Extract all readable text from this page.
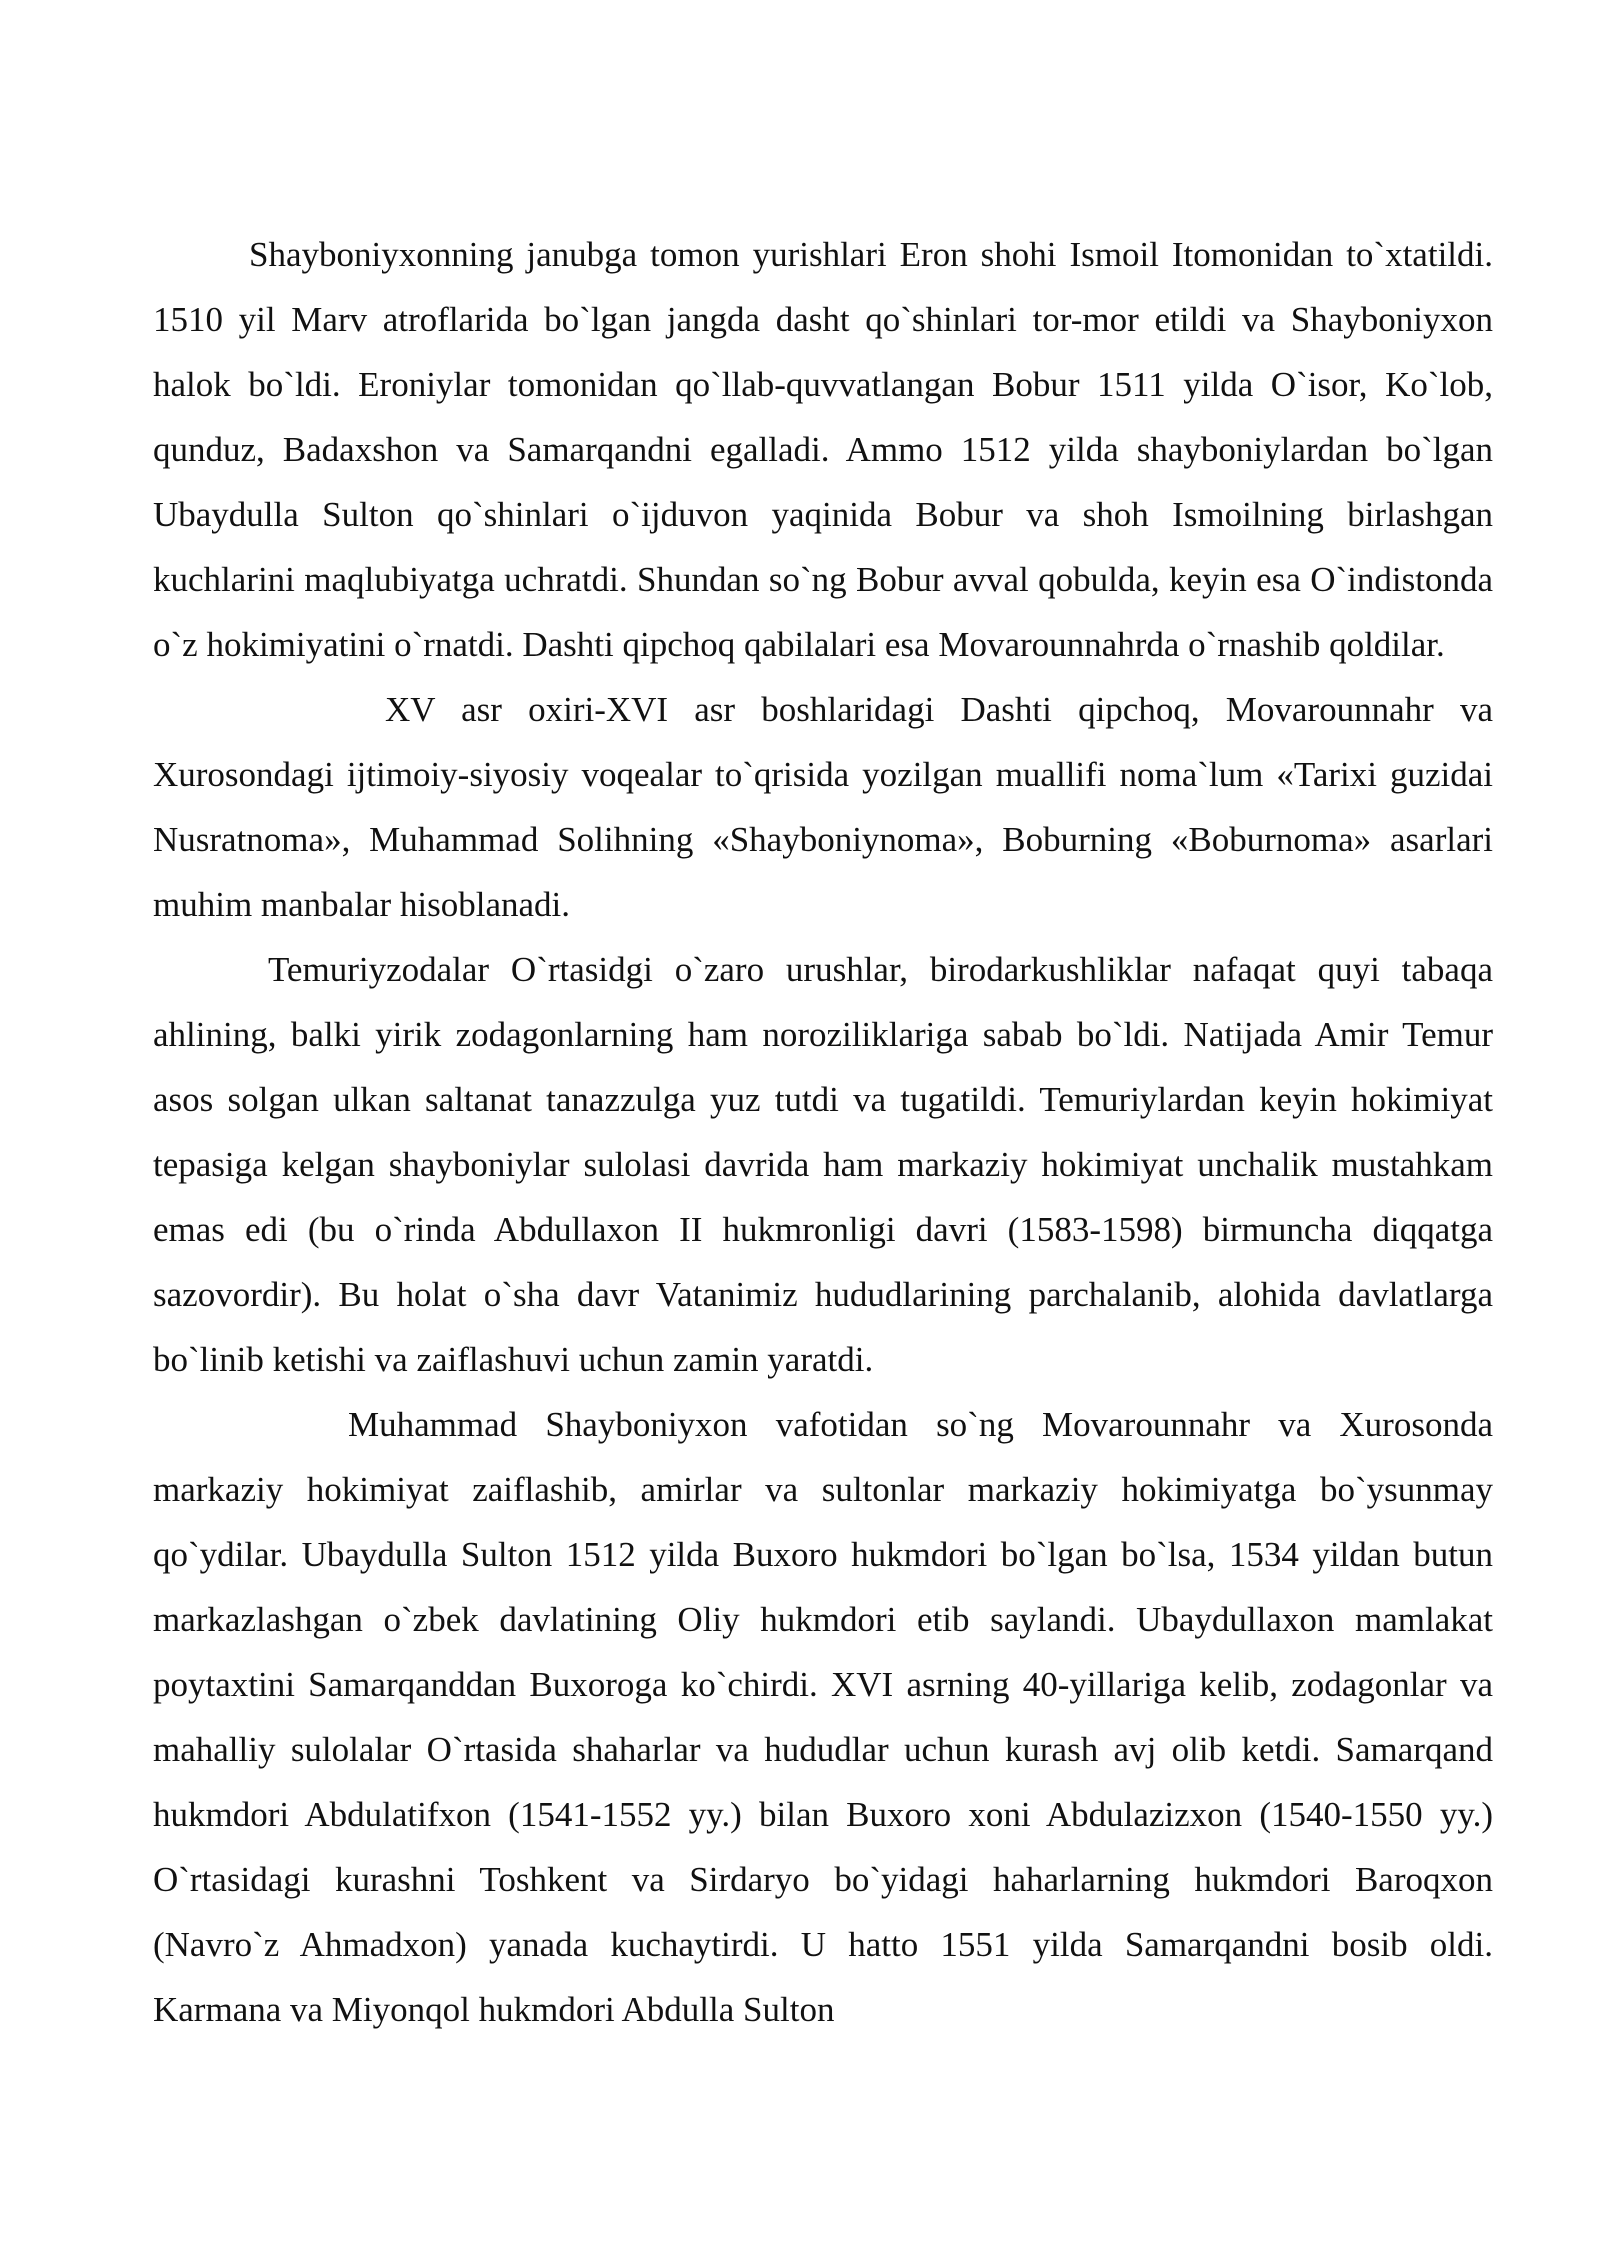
Shayboniyxonning janubga tomon yurishlari Eron shohi Ismoil Itomonidan to`xtatildi. 1510 yil Marv atroflarida bo`lgan jangda dasht qo`shinlari tor-mor etildi va Shayboniyxon halok bo`ldi. Eroniylar tomonidan qo`llab-quvvatlangan Bobur 1511 yilda O`isor, Ko`lob, qunduz, Badaxshon va Samarqandni egalladi. Ammo 1512 yilda shayboniylardan bo`lgan Ubaydulla Sulton qo`shinlari o`ijduvon yaqinida Bobur va shoh Ismoilning birlashgan kuchlarini maqlubiyatga uchratdi. Shundan so`ng Bobur avval qobulda, keyin esa O`indistonda o`z hokimiyatini o`rnatdi. Dashti qipchoq qabilalari esa Movarounnahrda o`rnashib qoldilar.

XV asr oxiri-XVI asr boshlaridagi Dashti qipchoq, Movarounnahr va Xurosondagi ijtimoiy-siyosiy voqealar to`qrisida yozilgan muallifi noma`lum «Tarixi guzidai Nusratnoma», Muhammad Solihning «Shayboniynoma», Boburning «Boburnoma» asarlari muhim manbalar hisoblanadi.

Temuriyzodalar O`rtasidgi o`zaro urushlar, birodarkushliklar nafaqat quyi tabaqa ahlining, balki yirik zodagonlarning ham noroziliklariga sabab bo`ldi. Natijada Amir Temur asos solgan ulkan saltanat tanazzulga yuz tutdi va tugatildi. Temuriylardan keyin hokimiyat tepasiga kelgan shayboniylar sulolasi davrida ham markaziy hokimiyat unchalik mustahkam emas edi (bu o`rinda Abdullaxon II hukmronligi davri (1583-1598) birmuncha diqqatga sazovordir). Bu holat o`sha davr Vatanimiz hududlarining parchalanib, alohida davlatlarga bo`linib ketishi va zaiflashuvi uchun zamin yaratdi.

Muhammad Shayboniyxon vafotidan so`ng Movarounnahr va Xurosonda markaziy hokimiyat zaiflashib, amirlar va sultonlar markaziy hokimiyatga bo`ysunmay qo`ydilar. Ubaydulla Sulton 1512 yilda Buxoro hukmdori bo`lgan bo`lsa, 1534 yildan butun markazlashgan o`zbek davlatining Oliy hukmdori etib saylandi. Ubaydullaxon mamlakat poytaxtini Samarqanddan Buxoroga ko`chirdi. XVI asrning 40-yillariga kelib, zodagonlar va mahalliy sulolalar O`rtasida shaharlar va hududlar uchun kurash avj olib ketdi. Samarqand hukmdori Abdulatifxon (1541-1552 yy.) bilan Buxoro xoni Abdulazizxon (1540-1550 yy.) O`rtasidagi kurashni Toshkent va Sirdaryo bo`yidagi haharlarning hukmdori Baroqxon (Navro`z Ahmadxon) yanada kuchaytirdi. U hatto 1551 yilda Samarqandni bosib oldi. Karmana va Miyonqol hukmdori Abdulla Sulton
